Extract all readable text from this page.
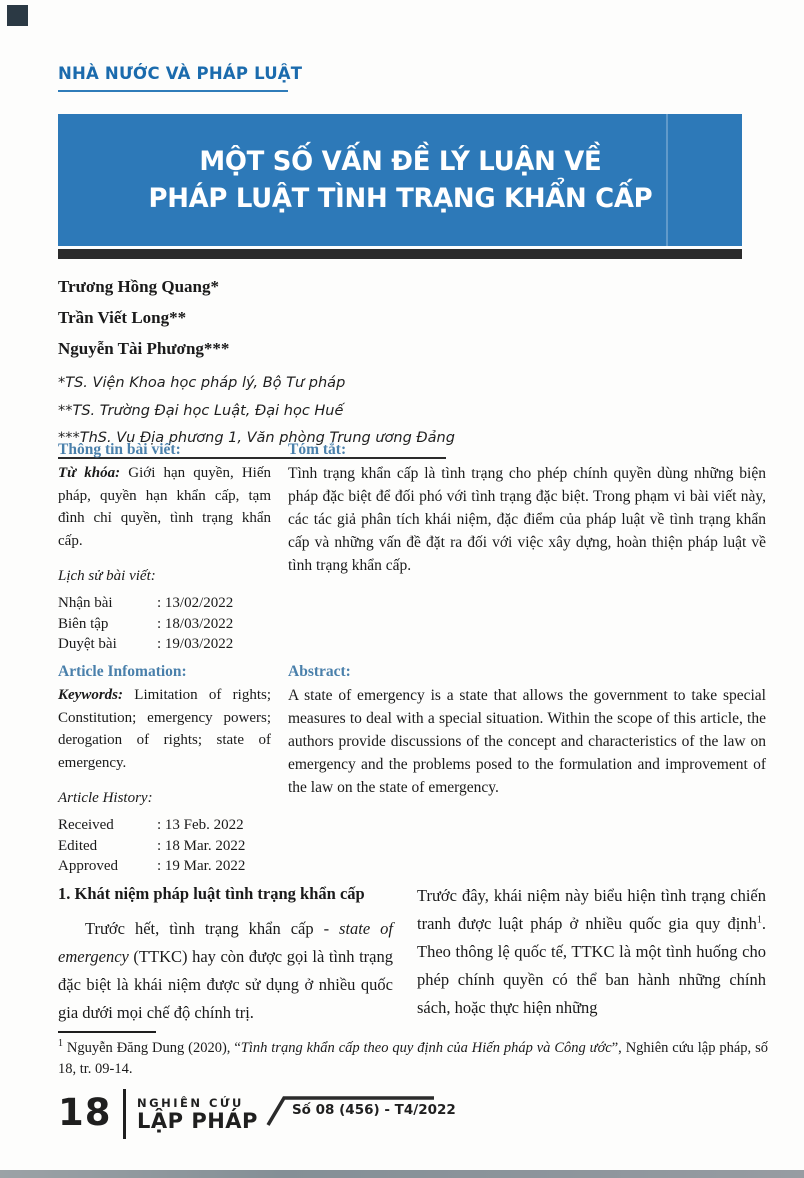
NHÀ NƯỚC VÀ PHÁP LUẬT
MỘT SỐ VẤN ĐỀ LÝ LUẬN VỀ
PHÁP LUẬT TÌNH TRẠNG KHẨN CẤP
Trương Hồng Quang*
Trần Viết Long**
Nguyễn Tài Phương***
*TS. Viện Khoa học pháp lý, Bộ Tư pháp
**TS. Trường Đại học Luật, Đại học Huế
***ThS. Vụ Địa phương 1, Văn phòng Trung ương Đảng

Thông tin bài viết:

Từ khóa: Giới hạn quyền, Hiến pháp, quyền hạn khẩn cấp, tạm đình chỉ quyền, tình trạng khẩn cấp.

Lịch sử bài viết:

Nhận bài	: 13/02/2022
Biên tập	: 18/03/2022
Duyệt bài	: 19/03/2022

Tóm tắt:

Tình trạng khẩn cấp là tình trạng cho phép chính quyền dùng những biện pháp đặc biệt để đối phó với tình trạng đặc biệt. Trong phạm vi bài viết này, các tác giả phân tích khái niệm, đặc điểm của pháp luật về tình trạng khẩn cấp và những vấn đề đặt ra đối với việc xây dựng, hoàn thiện pháp luật về tình trạng khẩn cấp.

Article Infomation:

Keywords: Limitation of rights; Constitution; emergency powers; derogation of rights; state of emergency.

Article History:

Received	: 13 Feb. 2022
Edited	: 18 Mar. 2022
Approved	: 19 Mar. 2022

Abstract:

A state of emergency is a state that allows the government to take special measures to deal with a special situation. Within the scope of this article, the authors provide discussions of the concept and characteristics of the law on emergency and the problems posed to the formulation and improvement of the law on the state of emergency.

1. Khát niệm pháp luật tình trạng khẩn cấp

Trước hết, tình trạng khẩn cấp - state of emergency (TTKC) hay còn được gọi là tình trạng đặc biệt là khái niệm được sử dụng ở nhiều quốc gia dưới mọi chế độ chính trị.

Trước đây, khái niệm này biểu hiện tình trạng chiến tranh được luật pháp ở nhiều quốc gia quy định$^1$. Theo thông lệ quốc tế, TTKC là một tình huống cho phép chính quyền có thể ban hành những chính sách, hoặc thực hiện những

$^1$ Nguyễn Đăng Dung (2020), “Tình trạng khẩn cấp theo quy định của Hiến pháp và Công ước”, Nghiên cứu lập pháp, số 18, tr. 09-14.

18 NGHIÊN CỨU
LẬP PHÁP	Số 08 (456) - T4/2022
